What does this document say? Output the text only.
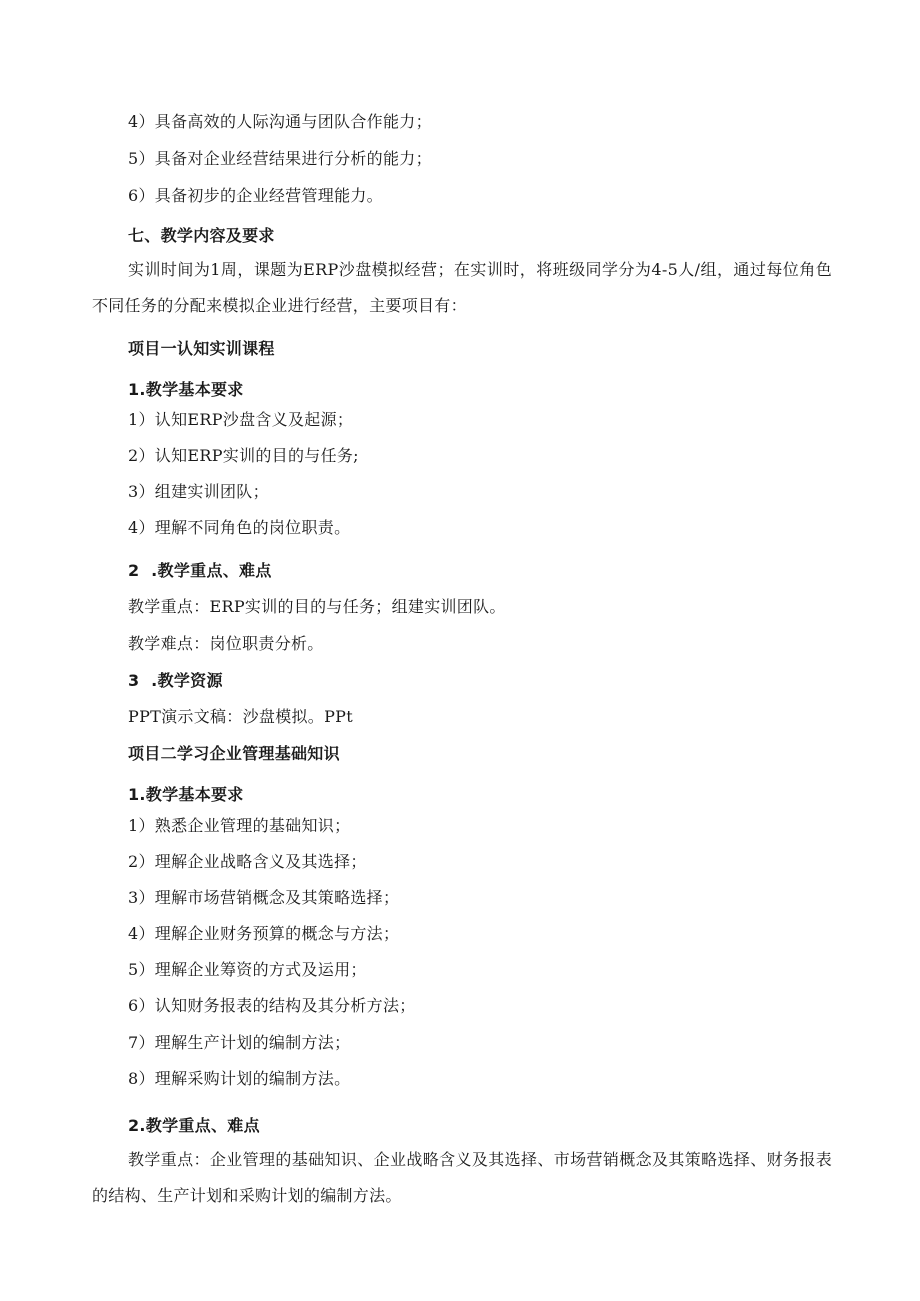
4）具备高效的人际沟通与团队合作能力；
5）具备对企业经营结果进行分析的能力；
6）具备初步的企业经营管理能力。
七、教学内容及要求
实训时间为1周，课题为ERP沙盘模拟经营；在实训时，将班级同学分为4-5人/组，通过每位角色不同任务的分配来模拟企业进行经营，主要项目有：
项目一认知实训课程
1.教学基本要求
1）认知ERP沙盘含义及起源；
2）认知ERP实训的目的与任务;
3）组建实训团队；
4）理解不同角色的岗位职责。
2  .教学重点、难点
教学重点：ERP实训的目的与任务；组建实训团队。
教学难点：岗位职责分析。
3  .教学资源
PPT演示文稿：沙盘模拟。PPt
项目二学习企业管理基础知识
1.教学基本要求
1）熟悉企业管理的基础知识；
2）理解企业战略含义及其选择；
3）理解市场营销概念及其策略选择；
4）理解企业财务预算的概念与方法；
5）理解企业筹资的方式及运用；
6）认知财务报表的结构及其分析方法；
7）理解生产计划的编制方法；
8）理解采购计划的编制方法。
2.教学重点、难点
教学重点：企业管理的基础知识、企业战略含义及其选择、市场营销概念及其策略选择、财务报表的结构、生产计划和采购计划的编制方法。
